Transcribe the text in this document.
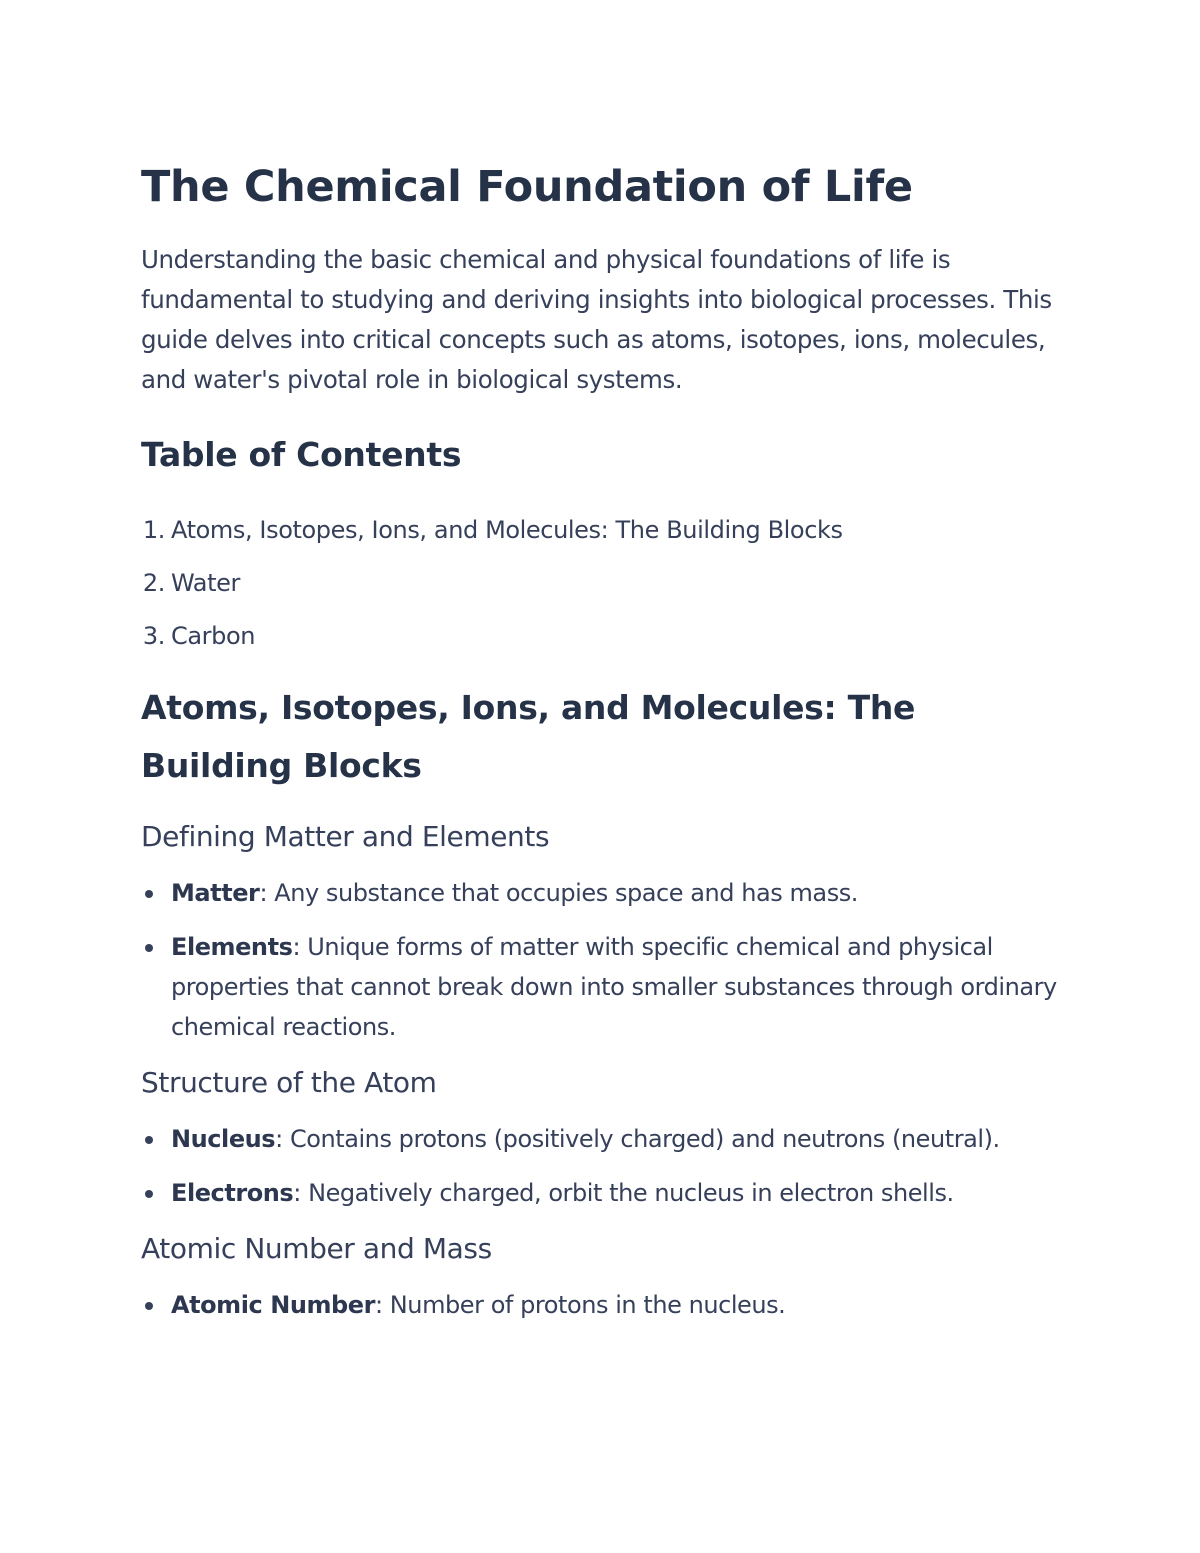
The Chemical Foundation of Life

Understanding the basic chemical and physical foundations of life is fundamental to studying and deriving insights into biological processes. This guide delves into critical concepts such as atoms, isotopes, ions, molecules, and water's pivotal role in biological systems.

Table of Contents
1. Atoms, Isotopes, Ions, and Molecules: The Building Blocks
2. Water
3. Carbon
Atoms, Isotopes, Ions, and Molecules: The Building Blocks
Defining Matter and Elements
Matter: Any substance that occupies space and has mass.
Elements: Unique forms of matter with specific chemical and physical properties that cannot break down into smaller substances through ordinary chemical reactions.
Structure of the Atom
Nucleus: Contains protons (positively charged) and neutrons (neutral).
Electrons: Negatively charged, orbit the nucleus in electron shells.
Atomic Number and Mass
Atomic Number: Number of protons in the nucleus.
